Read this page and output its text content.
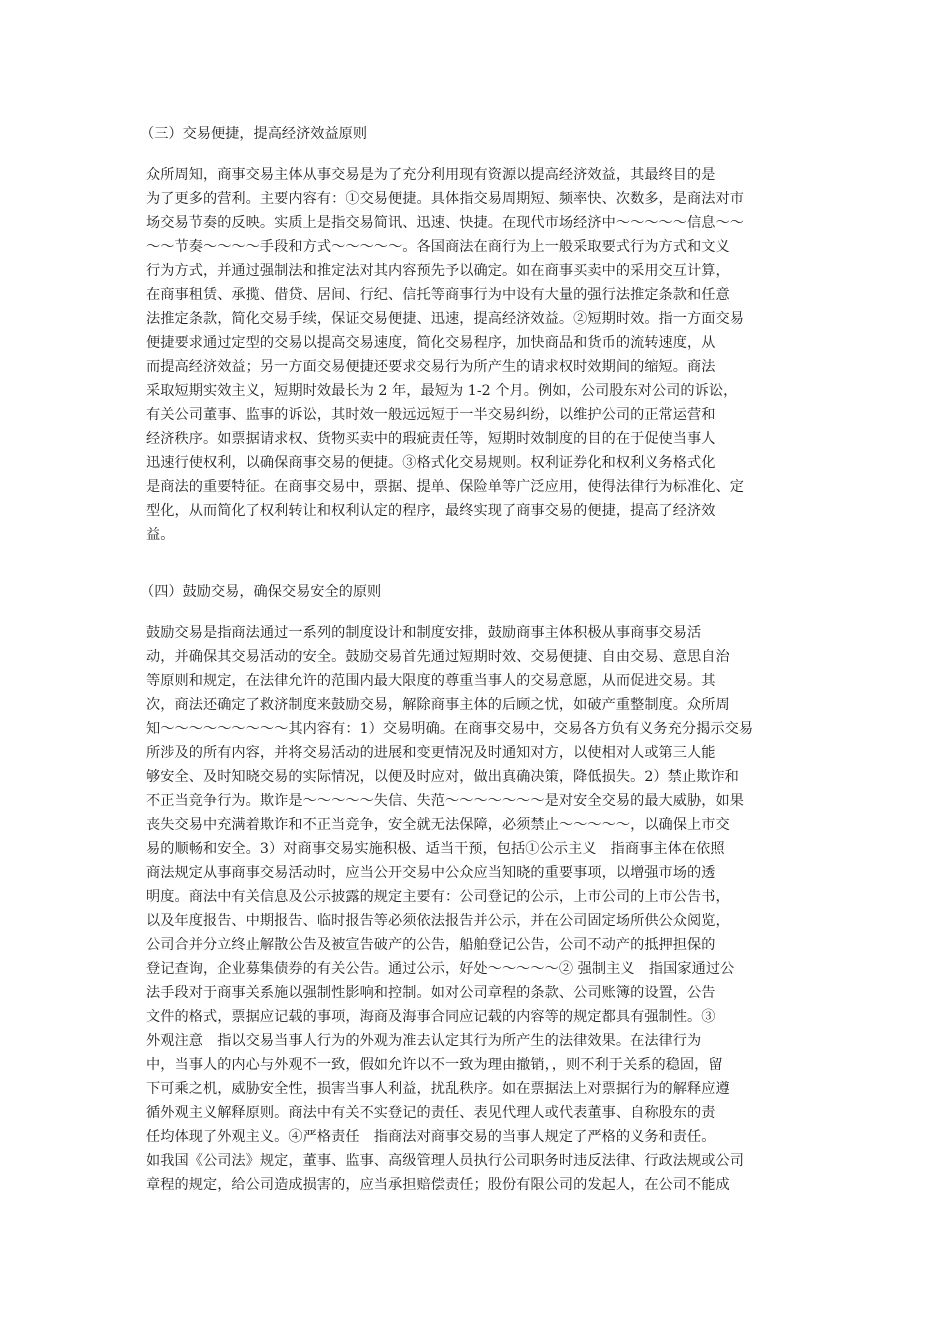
（三）交易便捷，提高经济效益原则
众所周知，商事交易主体从事交易是为了充分利用现有资源以提高经济效益，其最终目的是
为了更多的营利。主要内容有：①交易便捷。具体指交易周期短、频率快、次数多，是商法对市
场交易节奏的反映。实质上是指交易简讯、迅速、快捷。在现代市场经济中～～～～～信息～～
～～节奏～～～～手段和方式～～～～～。各国商法在商行为上一般采取要式行为方式和文义
行为方式，并通过强制法和推定法对其内容预先予以确定。如在商事买卖中的采用交互计算，
在商事租赁、承揽、借贷、居间、行纪、信托等商事行为中设有大量的强行法推定条款和任意
法推定条款，简化交易手续，保证交易便捷、迅速，提高经济效益。②短期时效。指一方面交易
便捷要求通过定型的交易以提高交易速度，简化交易程序，加快商品和货币的流转速度，从
而提高经济效益；另一方面交易便捷还要求交易行为所产生的请求权时效期间的缩短。商法
采取短期实效主义，短期时效最长为 2 年，最短为 1-2 个月。例如，公司股东对公司的诉讼，
有关公司董事、监事的诉讼，其时效一般远远短于一半交易纠纷，以维护公司的正常运营和
经济秩序。如票据请求权、货物买卖中的瑕疵责任等，短期时效制度的目的在于促使当事人
迅速行使权利，以确保商事交易的便捷。③格式化交易规则。权利证券化和权利义务格式化
是商法的重要特征。在商事交易中，票据、提单、保险单等广泛应用，使得法律行为标准化、定
型化，从而简化了权利转让和权利认定的程序，最终实现了商事交易的便捷，提高了经济效
益。
（四）鼓励交易，确保交易安全的原则
鼓励交易是指商法通过一系列的制度设计和制度安排，鼓励商事主体积极从事商事交易活
动，并确保其交易活动的安全。鼓励交易首先通过短期时效、交易便捷、自由交易、意思自治
等原则和规定，在法律允许的范围内最大限度的尊重当事人的交易意愿，从而促进交易。其
次，商法还确定了救济制度来鼓励交易，解除商事主体的后顾之忧，如破产重整制度。众所周
知～～～～～～～～～其内容有：1）交易明确。在商事交易中，交易各方负有义务充分揭示交易
所涉及的所有内容，并将交易活动的进展和变更情况及时通知对方，以使相对人或第三人能
够安全、及时知晓交易的实际情况，以便及时应对，做出真确决策，降低损失。2）禁止欺诈和
不正当竞争行为。欺诈是～～～～～失信、失范～～～～～～～是对安全交易的最大威胁，如果
丧失交易中充满着欺诈和不正当竞争，安全就无法保障，必须禁止～～～～～，以确保上市交
易的顺畅和安全。3）对商事交易实施积极、适当干预，包括①公示主义　指商事主体在依照
商法规定从事商事交易活动时，应当公开交易中公众应当知晓的重要事项，以增强市场的透
明度。商法中有关信息及公示披露的规定主要有：公司登记的公示，上市公司的上市公告书，
以及年度报告、中期报告、临时报告等必须依法报告并公示，并在公司固定场所供公众阅览，
公司合并分立终止解散公告及被宣告破产的公告，船舶登记公告，公司不动产的抵押担保的
登记查询，企业募集债券的有关公告。通过公示，好处～～～～～② 强制主义　指国家通过公
法手段对于商事关系施以强制性影响和控制。如对公司章程的条款、公司账簿的设置，公告
文件的格式，票据应记载的事项，海商及海事合同应记载的内容等的规定都具有强制性。③
外观注意　指以交易当事人行为的外观为准去认定其行为所产生的法律效果。在法律行为
中，当事人的内心与外观不一致，假如允许以不一致为理由撤销，，则不利于关系的稳固，留
下可乘之机，威胁安全性，损害当事人利益，扰乱秩序。如在票据法上对票据行为的解释应遵
循外观主义解释原则。商法中有关不实登记的责任、表见代理人或代表董事、自称股东的责
任均体现了外观主义。④严格责任　指商法对商事交易的当事人规定了严格的义务和责任。
如我国《公司法》规定，董事、监事、高级管理人员执行公司职务时违反法律、行政法规或公司
章程的规定，给公司造成损害的，应当承担赔偿责任；股份有限公司的发起人，在公司不能成
